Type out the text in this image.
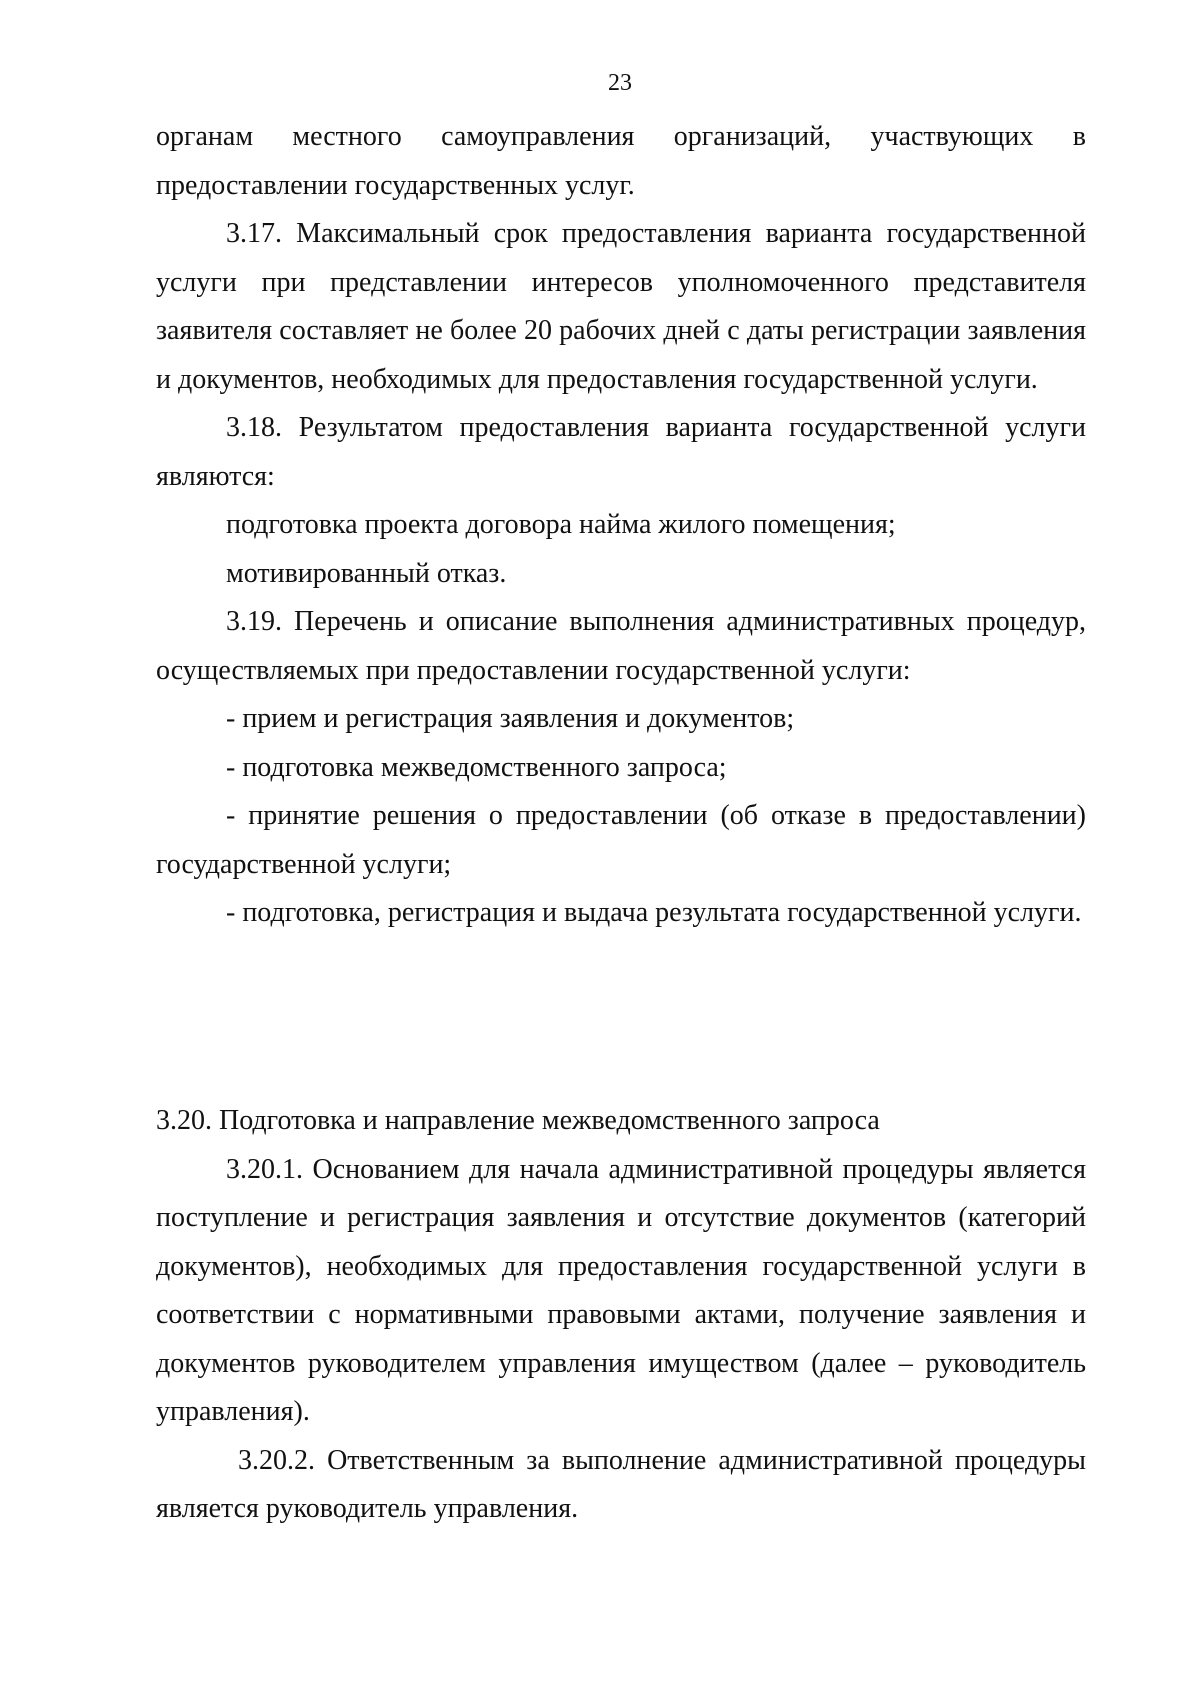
23

органам местного самоуправления организаций, участвующих в

предоставлении государственных услуг.

3.17. Максимальный срок предоставления варианта государственной услуги при представлении интересов уполномоченного представителя заявителя составляет не более 20 рабочих дней с даты регистрации заявления и документов, необходимых для предоставления государственной услуги.

3.18. Результатом предоставления варианта государственной услуги являются:

подготовка проекта договора найма жилого помещения;

мотивированный отказ.

3.19. Перечень и описание выполнения административных процедур, осуществляемых при предоставлении государственной услуги:

- прием и регистрация заявления и документов;

- подготовка межведомственного запроса;

- принятие решения о предоставлении (об отказе в предоставлении) государственной услуги;

- подготовка, регистрация и выдача результата государственной услуги.

3.20. Подготовка и направление межведомственного запроса

3.20.1. Основанием для начала административной процедуры является поступление и регистрация заявления и отсутствие документов (категорий документов), необходимых для предоставления государственной услуги в соответствии с нормативными правовыми актами, получение заявления и документов руководителем управления имуществом (далее – руководитель управления).

3.20.2. Ответственным за выполнение административной процедуры является руководитель управления.
